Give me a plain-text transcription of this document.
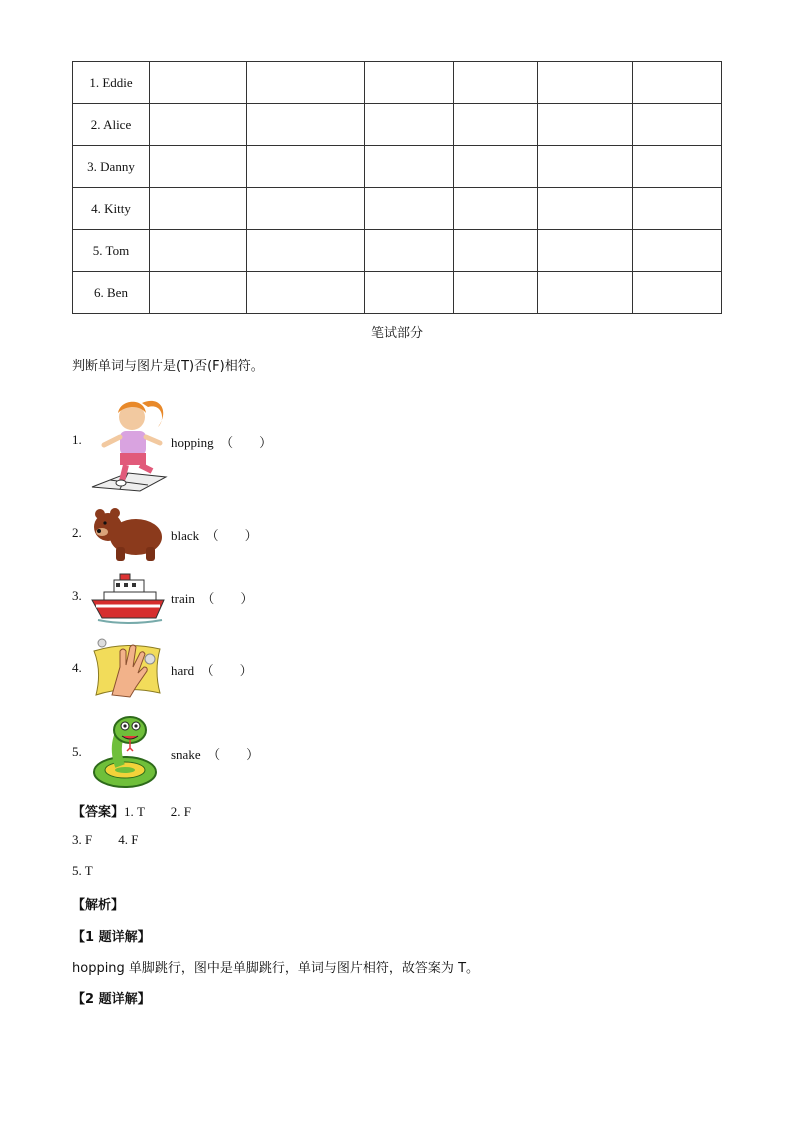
1. Eddie						
2. Alice						
3. Danny						
4. Kitty						
5. Tom						
6. Ben						
笔试部分
判断单词与图片是(T)否(F)相符。
1.	hopping （        ）
2.	black （        ）
3.	train （        ）
4.	hard （        ）
5.	snake （        ）
【答案】1. T        2. F
3. F        4. F
5. T
【解析】
【1 题详解】
hopping 单脚跳行，图中是单脚跳行，单词与图片相符，故答案为 T。
【2 题详解】
